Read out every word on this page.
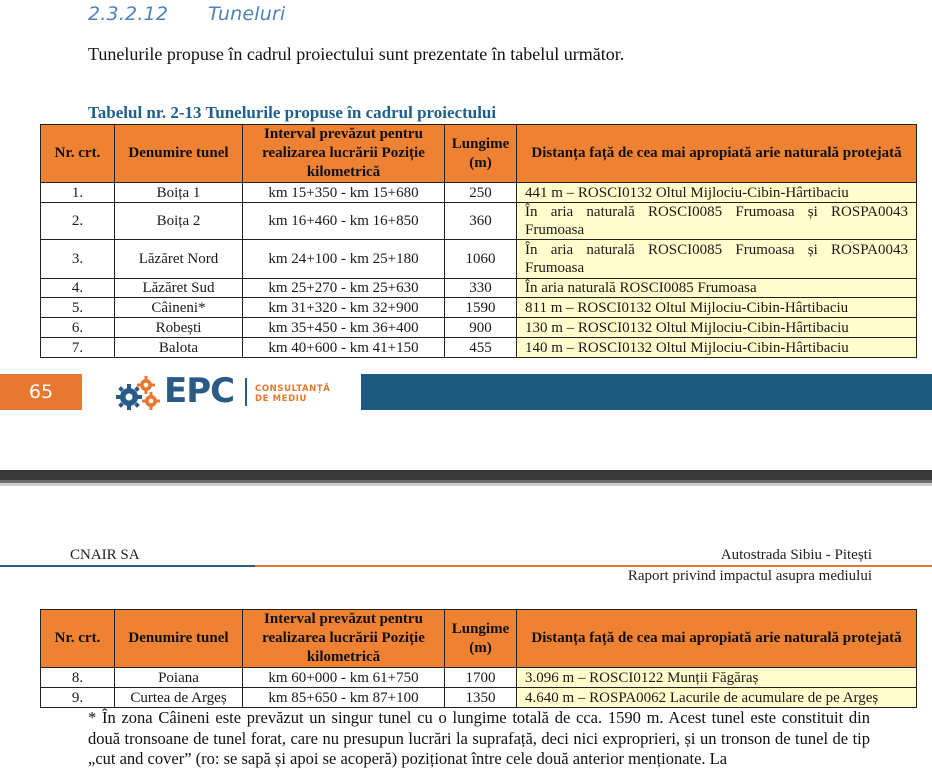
2.3.2.12 Tuneluri

Tunelurile propuse în cadrul proiectului sunt prezentate în tabelul următor.

Tabelul nr. 2-13 Tunelurile propuse în cadrul proiectului
Nr. crt.	Denumire tunel	Interval prevăzut pentru realizarea lucrării Poziție kilometrică	Lungime (m)	Distanța față de cea mai apropiată arie naturală protejată
1.	Boița 1	km 15+350 - km 15+680	250	441 m – ROSCI0132 Oltul Mijlociu-Cibin-Hârtibaciu
2.	Boița 2	km 16+460 - km 16+850	360	În aria naturală ROSCI0085 Frumoasa și ROSPA0043 Frumoasa
3.	Lăzăret Nord	km 24+100 - km 25+180	1060	În aria naturală ROSCI0085 Frumoasa și ROSPA0043 Frumoasa
4.	Lăzăret Sud	km 25+270 - km 25+630	330	În aria naturală ROSCI0085 Frumoasa
5.	Câineni*	km 31+320 - km 32+900	1590	811 m – ROSCI0132 Oltul Mijlociu-Cibin-Hârtibaciu
6.	Robești	km 35+450 - km 36+400	900	130 m – ROSCI0132 Oltul Mijlociu-Cibin-Hârtibaciu
7.	Balota	km 40+600 - km 41+150	455	140 m – ROSCI0132 Oltul Mijlociu-Cibin-Hârtibaciu
65	EPC CONSULTANȚĂ
DE MEDIU
CNAIR SA	Autostrada Sibiu - Pitești
Raport privind impactul asupra mediului
Nr. crt.	Denumire tunel	Interval prevăzut pentru realizarea lucrării Poziție kilometrică	Lungime (m)	Distanța față de cea mai apropiată arie naturală protejată
8.	Poiana	km 60+000 - km 61+750	1700	3.096 m – ROSCI0122 Munții Făgăraș
9.	Curtea de Argeș	km 85+650 - km 87+100	1350	4.640 m – ROSPA0062 Lacurile de acumulare de pe Argeș

* În zona Câineni este prevăzut un singur tunel cu o lungime totală de cca. 1590 m. Acest tunel este constituit din două tronsoane de tunel forat, care nu presupun lucrări la suprafață, deci nici exproprieri, și un tronson de tunel de tip „cut and cover” (ro: se sapă și apoi se acoperă) poziționat între cele două anterior menționate. La
